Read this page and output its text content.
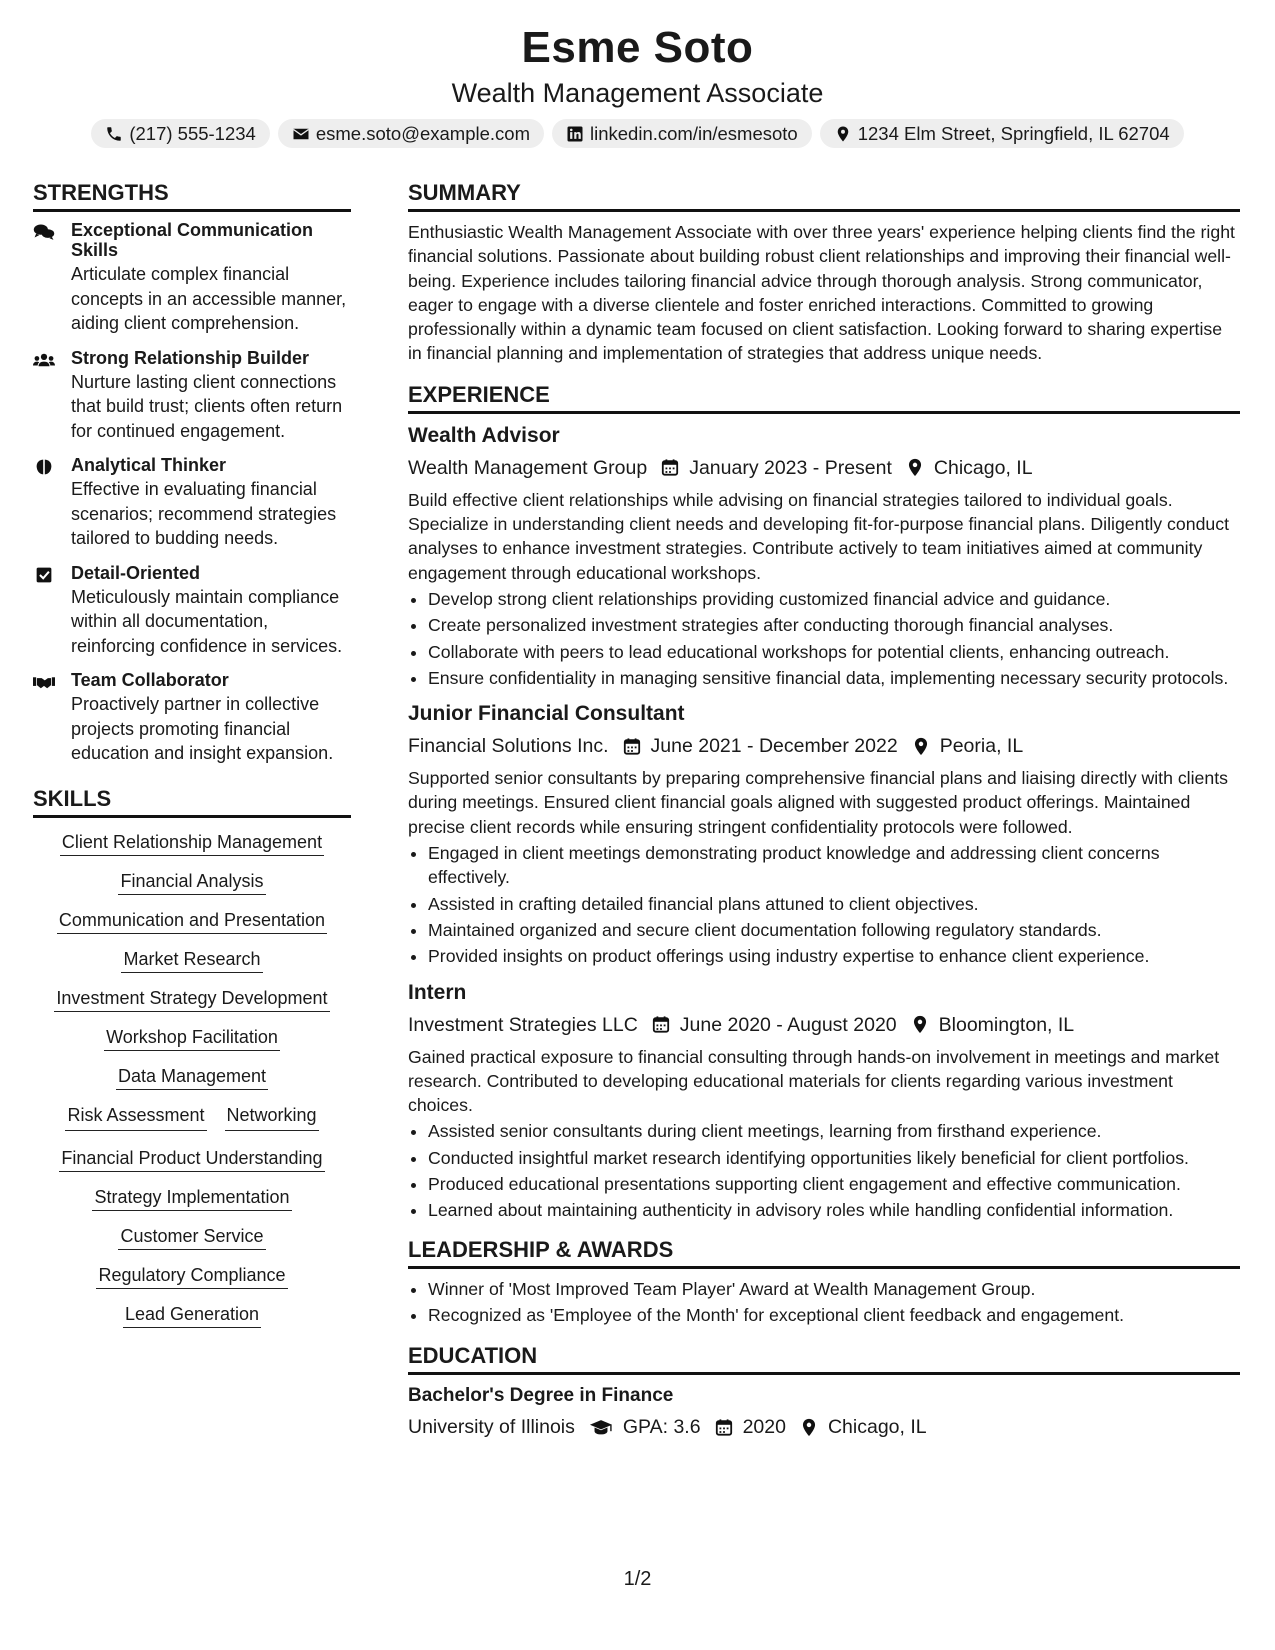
Esme Soto
Wealth Management Associate
(217) 555-1234	esme.soto@example.com	linkedin.com/in/esmesoto	1234 Elm Street, Springfield, IL 62704
STRENGTHS
Exceptional Communication Skills
Articulate complex financial concepts in an accessible manner, aiding client comprehension.
Strong Relationship Builder
Nurture lasting client connections that build trust; clients often return for continued engagement.
Analytical Thinker
Effective in evaluating financial scenarios; recommend strategies tailored to budding needs.
Detail-Oriented
Meticulously maintain compliance within all documentation, reinforcing confidence in services.
Team Collaborator
Proactively partner in collective projects promoting financial education and insight expansion.
SKILLS
Client Relationship Management
Financial Analysis
Communication and Presentation
Market Research
Investment Strategy Development
Workshop Facilitation
Data Management
Risk Assessment Networking
Financial Product Understanding
Strategy Implementation
Customer Service
Regulatory Compliance
Lead Generation
SUMMARY
Enthusiastic Wealth Management Associate with over three years' experience helping clients find the right financial solutions. Passionate about building robust client relationships and improving their financial well-being. Experience includes tailoring financial advice through thorough analysis. Strong communicator, eager to engage with a diverse clientele and foster enriched interactions. Committed to growing professionally within a dynamic team focused on client satisfaction. Looking forward to sharing expertise in financial planning and implementation of strategies that address unique needs.
EXPERIENCE
Wealth Advisor
Wealth Management Group January 2023 - Present Chicago, IL
Build effective client relationships while advising on financial strategies tailored to individual goals. Specialize in understanding client needs and developing fit-for-purpose financial plans. Diligently conduct analyses to enhance investment strategies. Contribute actively to team initiatives aimed at community engagement through educational workshops.
• Develop strong client relationships providing customized financial advice and guidance.
• Create personalized investment strategies after conducting thorough financial analyses.
• Collaborate with peers to lead educational workshops for potential clients, enhancing outreach.
• Ensure confidentiality in managing sensitive financial data, implementing necessary security protocols.
Junior Financial Consultant
Financial Solutions Inc. June 2021 - December 2022 Peoria, IL
Supported senior consultants by preparing comprehensive financial plans and liaising directly with clients during meetings. Ensured client financial goals aligned with suggested product offerings. Maintained precise client records while ensuring stringent confidentiality protocols were followed.
• Engaged in client meetings demonstrating product knowledge and addressing client concerns effectively.
• Assisted in crafting detailed financial plans attuned to client objectives.
• Maintained organized and secure client documentation following regulatory standards.
• Provided insights on product offerings using industry expertise to enhance client experience.
Intern
Investment Strategies LLC June 2020 - August 2020 Bloomington, IL
Gained practical exposure to financial consulting through hands-on involvement in meetings and market research. Contributed to developing educational materials for clients regarding various investment choices.
• Assisted senior consultants during client meetings, learning from firsthand experience.
• Conducted insightful market research identifying opportunities likely beneficial for client portfolios.
• Produced educational presentations supporting client engagement and effective communication.
• Learned about maintaining authenticity in advisory roles while handling confidential information.
LEADERSHIP & AWARDS
• Winner of 'Most Improved Team Player' Award at Wealth Management Group.
• Recognized as 'Employee of the Month' for exceptional client feedback and engagement.
EDUCATION
Bachelor's Degree in Finance
University of Illinois GPA: 3.6 2020 Chicago, IL
1/2
